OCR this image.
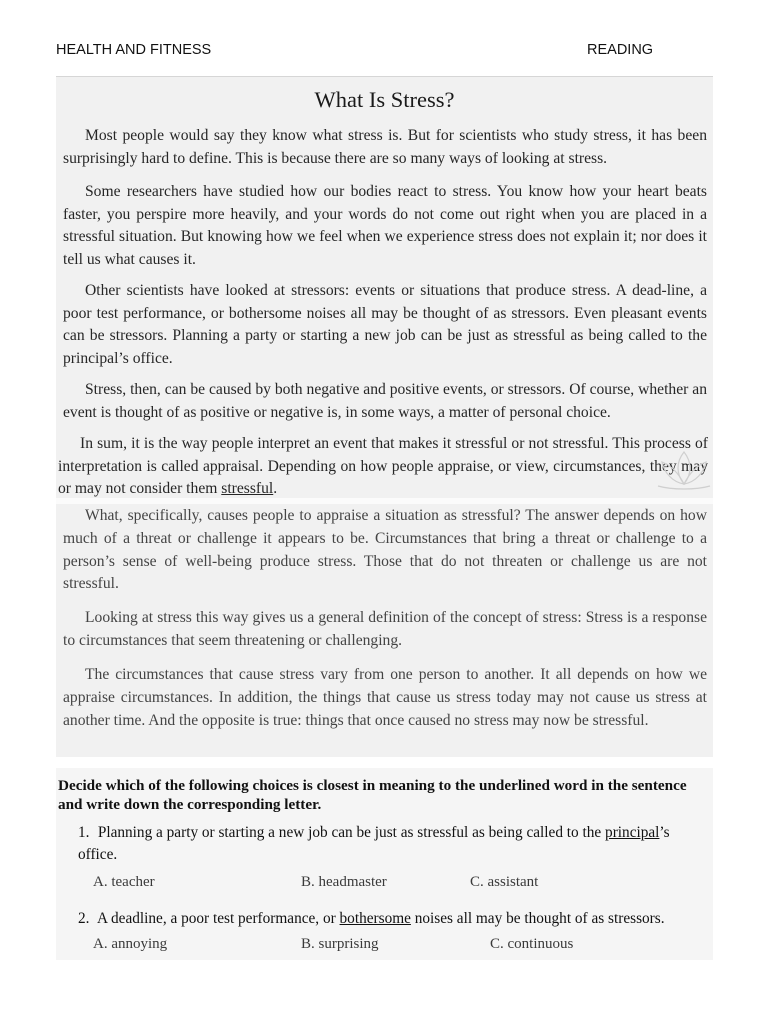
HEALTH AND FITNESS	READING
What Is Stress?

Most people would say they know what stress is. But for scientists who study stress, it has been surprisingly hard to define. This is because there are so many ways of looking at stress.

Some researchers have studied how our bodies react to stress. You know how your heart beats faster, you perspire more heavily, and your words do not come out right when you are placed in a stressful situation. But knowing how we feel when we experience stress does not explain it; nor does it tell us what causes it.

Other scientists have looked at stressors: events or situations that produce stress. A dead-line, a poor test performance, or bothersome noises all may be thought of as stressors. Even pleasant events can be stressors. Planning a party or starting a new job can be just as stressful as being called to the principal’s office.

Stress, then, can be caused by both negative and positive events, or stressors. Of course, whether an event is thought of as positive or negative is, in some ways, a matter of personal choice.

In sum, it is the way people interpret an event that makes it stressful or not stressful. This process of interpretation is called appraisal. Depending on how people appraise, or view, circumstances, they may or may not consider them stressful.

What, specifically, causes people to appraise a situation as stressful? The answer depends on how much of a threat or challenge it appears to be. Circumstances that bring a threat or challenge to a person’s sense of well-being produce stress. Those that do not threaten or challenge us are not stressful.

Looking at stress this way gives us a general definition of the concept of stress: Stress is a response to circumstances that seem threatening or challenging.

The circumstances that cause stress vary from one person to another. It all depends on how we appraise circumstances. In addition, the things that cause us stress today may not cause us stress at another time. And the opposite is true: things that once caused no stress may now be stressful.

Decide which of the following choices is closest in meaning to the underlined word in the sentence and write down the corresponding letter.
1. Planning a party or starting a new job can be just as stressful as being called to the principal’s office.
A. teacher	B. headmaster	C. assistant
2. A deadline, a poor test performance, or bothersome noises all may be thought of as stressors.
A. annoying	B. surprising	C. continuous
